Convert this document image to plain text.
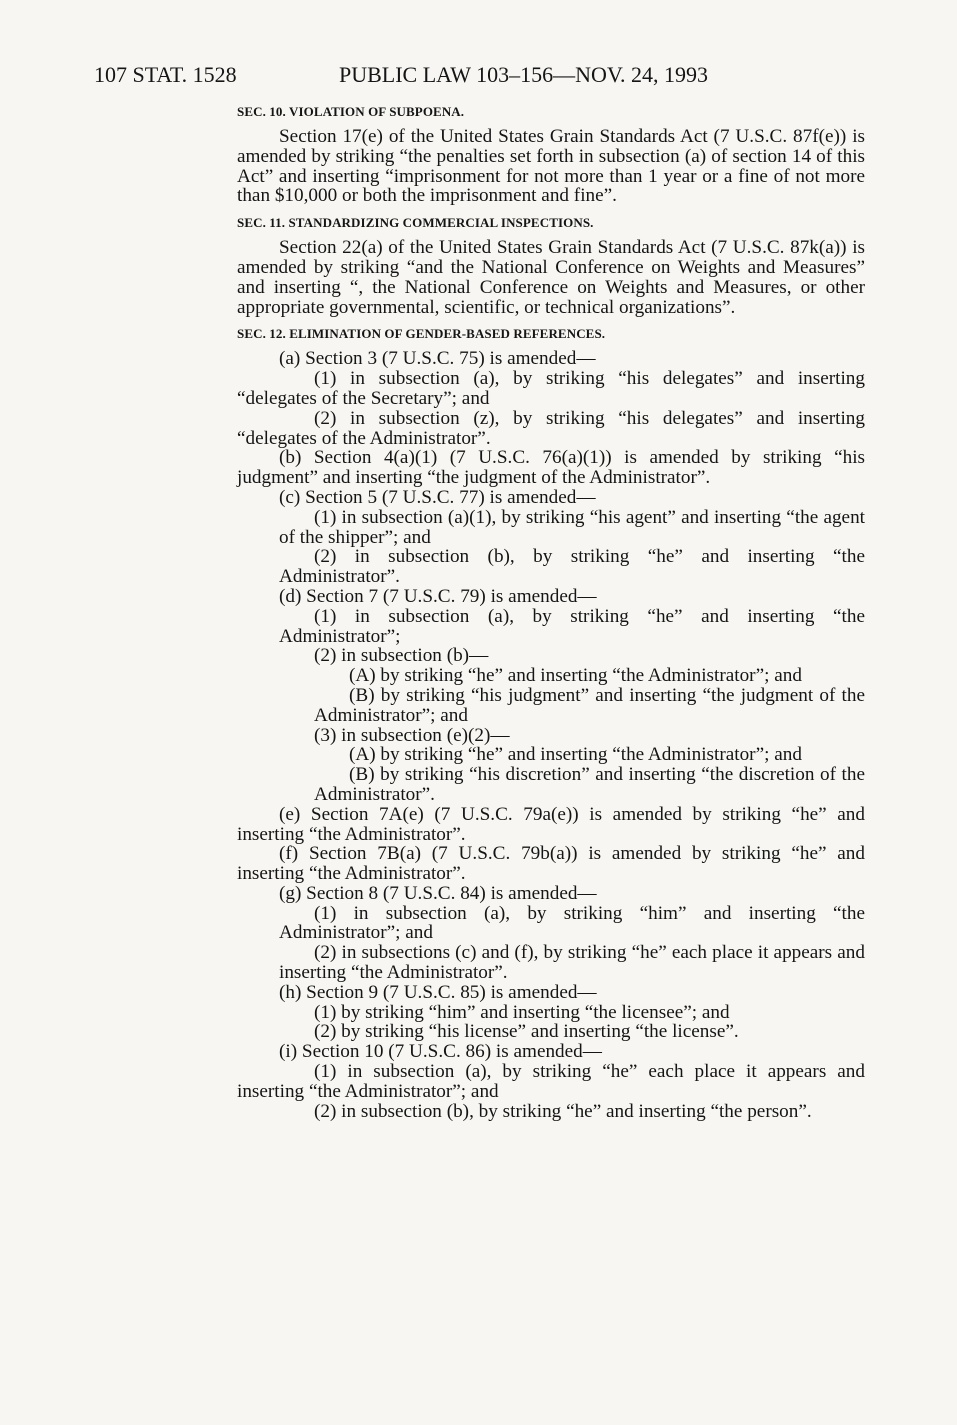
107 STAT. 1528	PUBLIC LAW 103–156—NOV. 24, 1993
SEC. 10. VIOLATION OF SUBPOENA.

Section 17(e) of the United States Grain Standards Act (7 U.S.C. 87f(e)) is amended by striking “the penalties set forth in subsection (a) of section 14 of this Act” and inserting “imprisonment for not more than 1 year or a fine of not more than $10,000 or both the imprisonment and fine”.

SEC. 11. STANDARDIZING COMMERCIAL INSPECTIONS.

Section 22(a) of the United States Grain Standards Act (7 U.S.C. 87k(a)) is amended by striking “and the National Conference on Weights and Measures” and inserting “, the National Conference on Weights and Measures, or other appropriate governmental, scientific, or technical organizations”.

SEC. 12. ELIMINATION OF GENDER-BASED REFERENCES.

(a) Section 3 (7 U.S.C. 75) is amended—

(1) in subsection (a), by striking “his delegates” and inserting “delegates of the Secretary”; and

(2) in subsection (z), by striking “his delegates” and inserting “delegates of the Administrator”.

(b) Section 4(a)(1) (7 U.S.C. 76(a)(1)) is amended by striking “his judgment” and inserting “the judgment of the Administrator”.

(c) Section 5 (7 U.S.C. 77) is amended—

(1) in subsection (a)(1), by striking “his agent” and inserting “the agent of the shipper”; and

(2) in subsection (b), by striking “he” and inserting “the Administrator”.

(d) Section 7 (7 U.S.C. 79) is amended—

(1) in subsection (a), by striking “he” and inserting “the Administrator”;

(2) in subsection (b)—

(A) by striking “he” and inserting “the Administrator”; and

(B) by striking “his judgment” and inserting “the judgment of the Administrator”; and

(3) in subsection (e)(2)—

(A) by striking “he” and inserting “the Administrator”; and

(B) by striking “his discretion” and inserting “the discretion of the Administrator”.

(e) Section 7A(e) (7 U.S.C. 79a(e)) is amended by striking “he” and inserting “the Administrator”.

(f) Section 7B(a) (7 U.S.C. 79b(a)) is amended by striking “he” and inserting “the Administrator”.

(g) Section 8 (7 U.S.C. 84) is amended—

(1) in subsection (a), by striking “him” and inserting “the Administrator”; and

(2) in subsections (c) and (f), by striking “he” each place it appears and inserting “the Administrator”.

(h) Section 9 (7 U.S.C. 85) is amended—

(1) by striking “him” and inserting “the licensee”; and

(2) by striking “his license” and inserting “the license”.

(i) Section 10 (7 U.S.C. 86) is amended—

(1) in subsection (a), by striking “he” each place it appears and inserting “the Administrator”; and

(2) in subsection (b), by striking “he” and inserting “the person”.
